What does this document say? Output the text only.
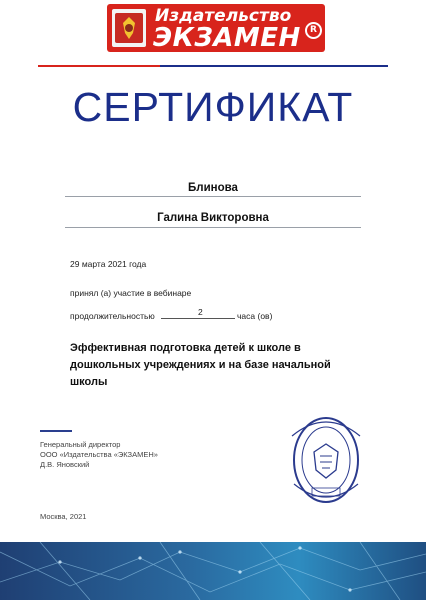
Издательство
ЭКЗАМЕН	R
СЕРТИФИКАТ
Блинова
Галина Викторовна
29 марта 2021 года
принял (а) участие в вебинаре
продолжительностью	2	часа (ов)
Эффективная подготовка детей к школе в дошкольных учреждениях и на базе начальной школы
Генеральный директор
ООО «Издательства «ЭКЗАМЕН»
Д.В. Яновский
Москва, 2021
